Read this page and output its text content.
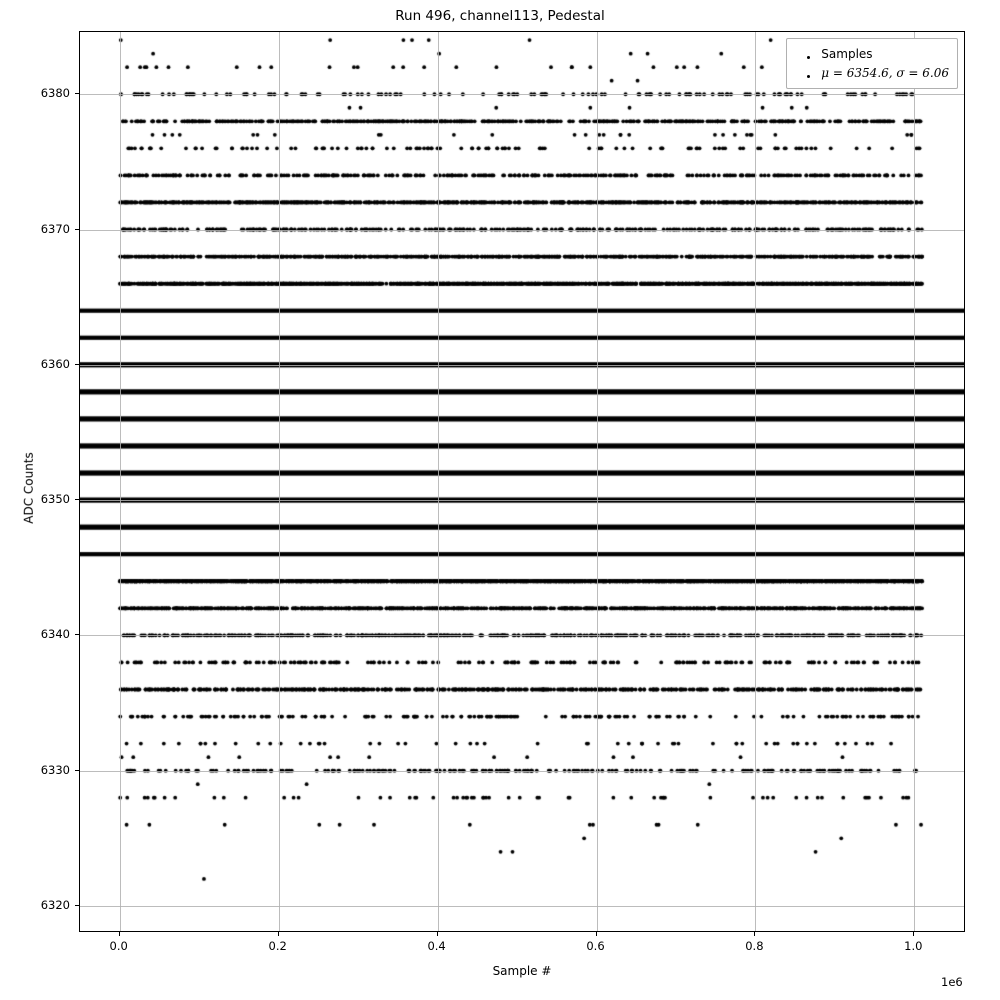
Run 496, channel113, Pedestal
Samples
μ = 6354.6, σ = 6.06
0.0	0.2	0.4	0.6	0.8	1.0
6320
6330
6340
6350
6360
6370
6380
Sample #
ADC Counts
1e6
